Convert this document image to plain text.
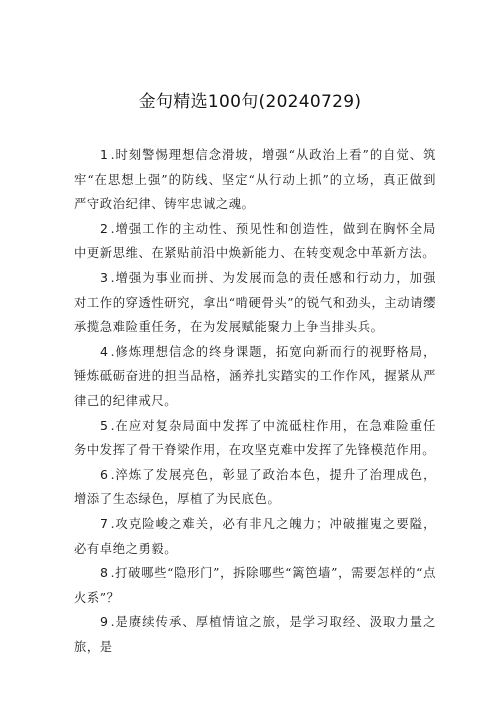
金句精选100句(20240729)

1 .时刻警惕理想信念滑坡，增强“从政治上看”的自觉、筑牢“在思想上强”的防线、坚定“从行动上抓”的立场，真正做到严守政治纪律、铸牢忠诚之魂。

2 .增强工作的主动性、预见性和创造性，做到在胸怀全局中更新思维、在紧贴前沿中焕新能力、在转变观念中革新方法。

3 .增强为事业而拼、为发展而急的责任感和行动力，加强对工作的穿透性研究，拿出“啃硬骨头”的锐气和劲头，主动请缨承揽急难险重任务，在为发展赋能聚力上争当排头兵。

4 .修炼理想信念的终身课题，拓宽向新而行的视野格局，锤炼砥砺奋进的担当品格，涵养扎实踏实的工作作风，握紧从严律己的纪律戒尺。

5 .在应对复杂局面中发挥了中流砥柱作用，在急难险重任务中发挥了骨干脊梁作用，在攻坚克难中发挥了先锋模范作用。

6 .淬炼了发展亮色，彰显了政治本色，提升了治理成色，增添了生态绿色，厚植了为民底色。

7 .攻克险峻之难关，必有非凡之魄力；冲破摧嵬之要隘，必有卓绝之勇毅。

8 .打破哪些“隐形门”，拆除哪些“篱笆墙”，需要怎样的“点火系”？

9 .是赓续传承、厚植情谊之旅，是学习取经、汲取力量之旅，是
